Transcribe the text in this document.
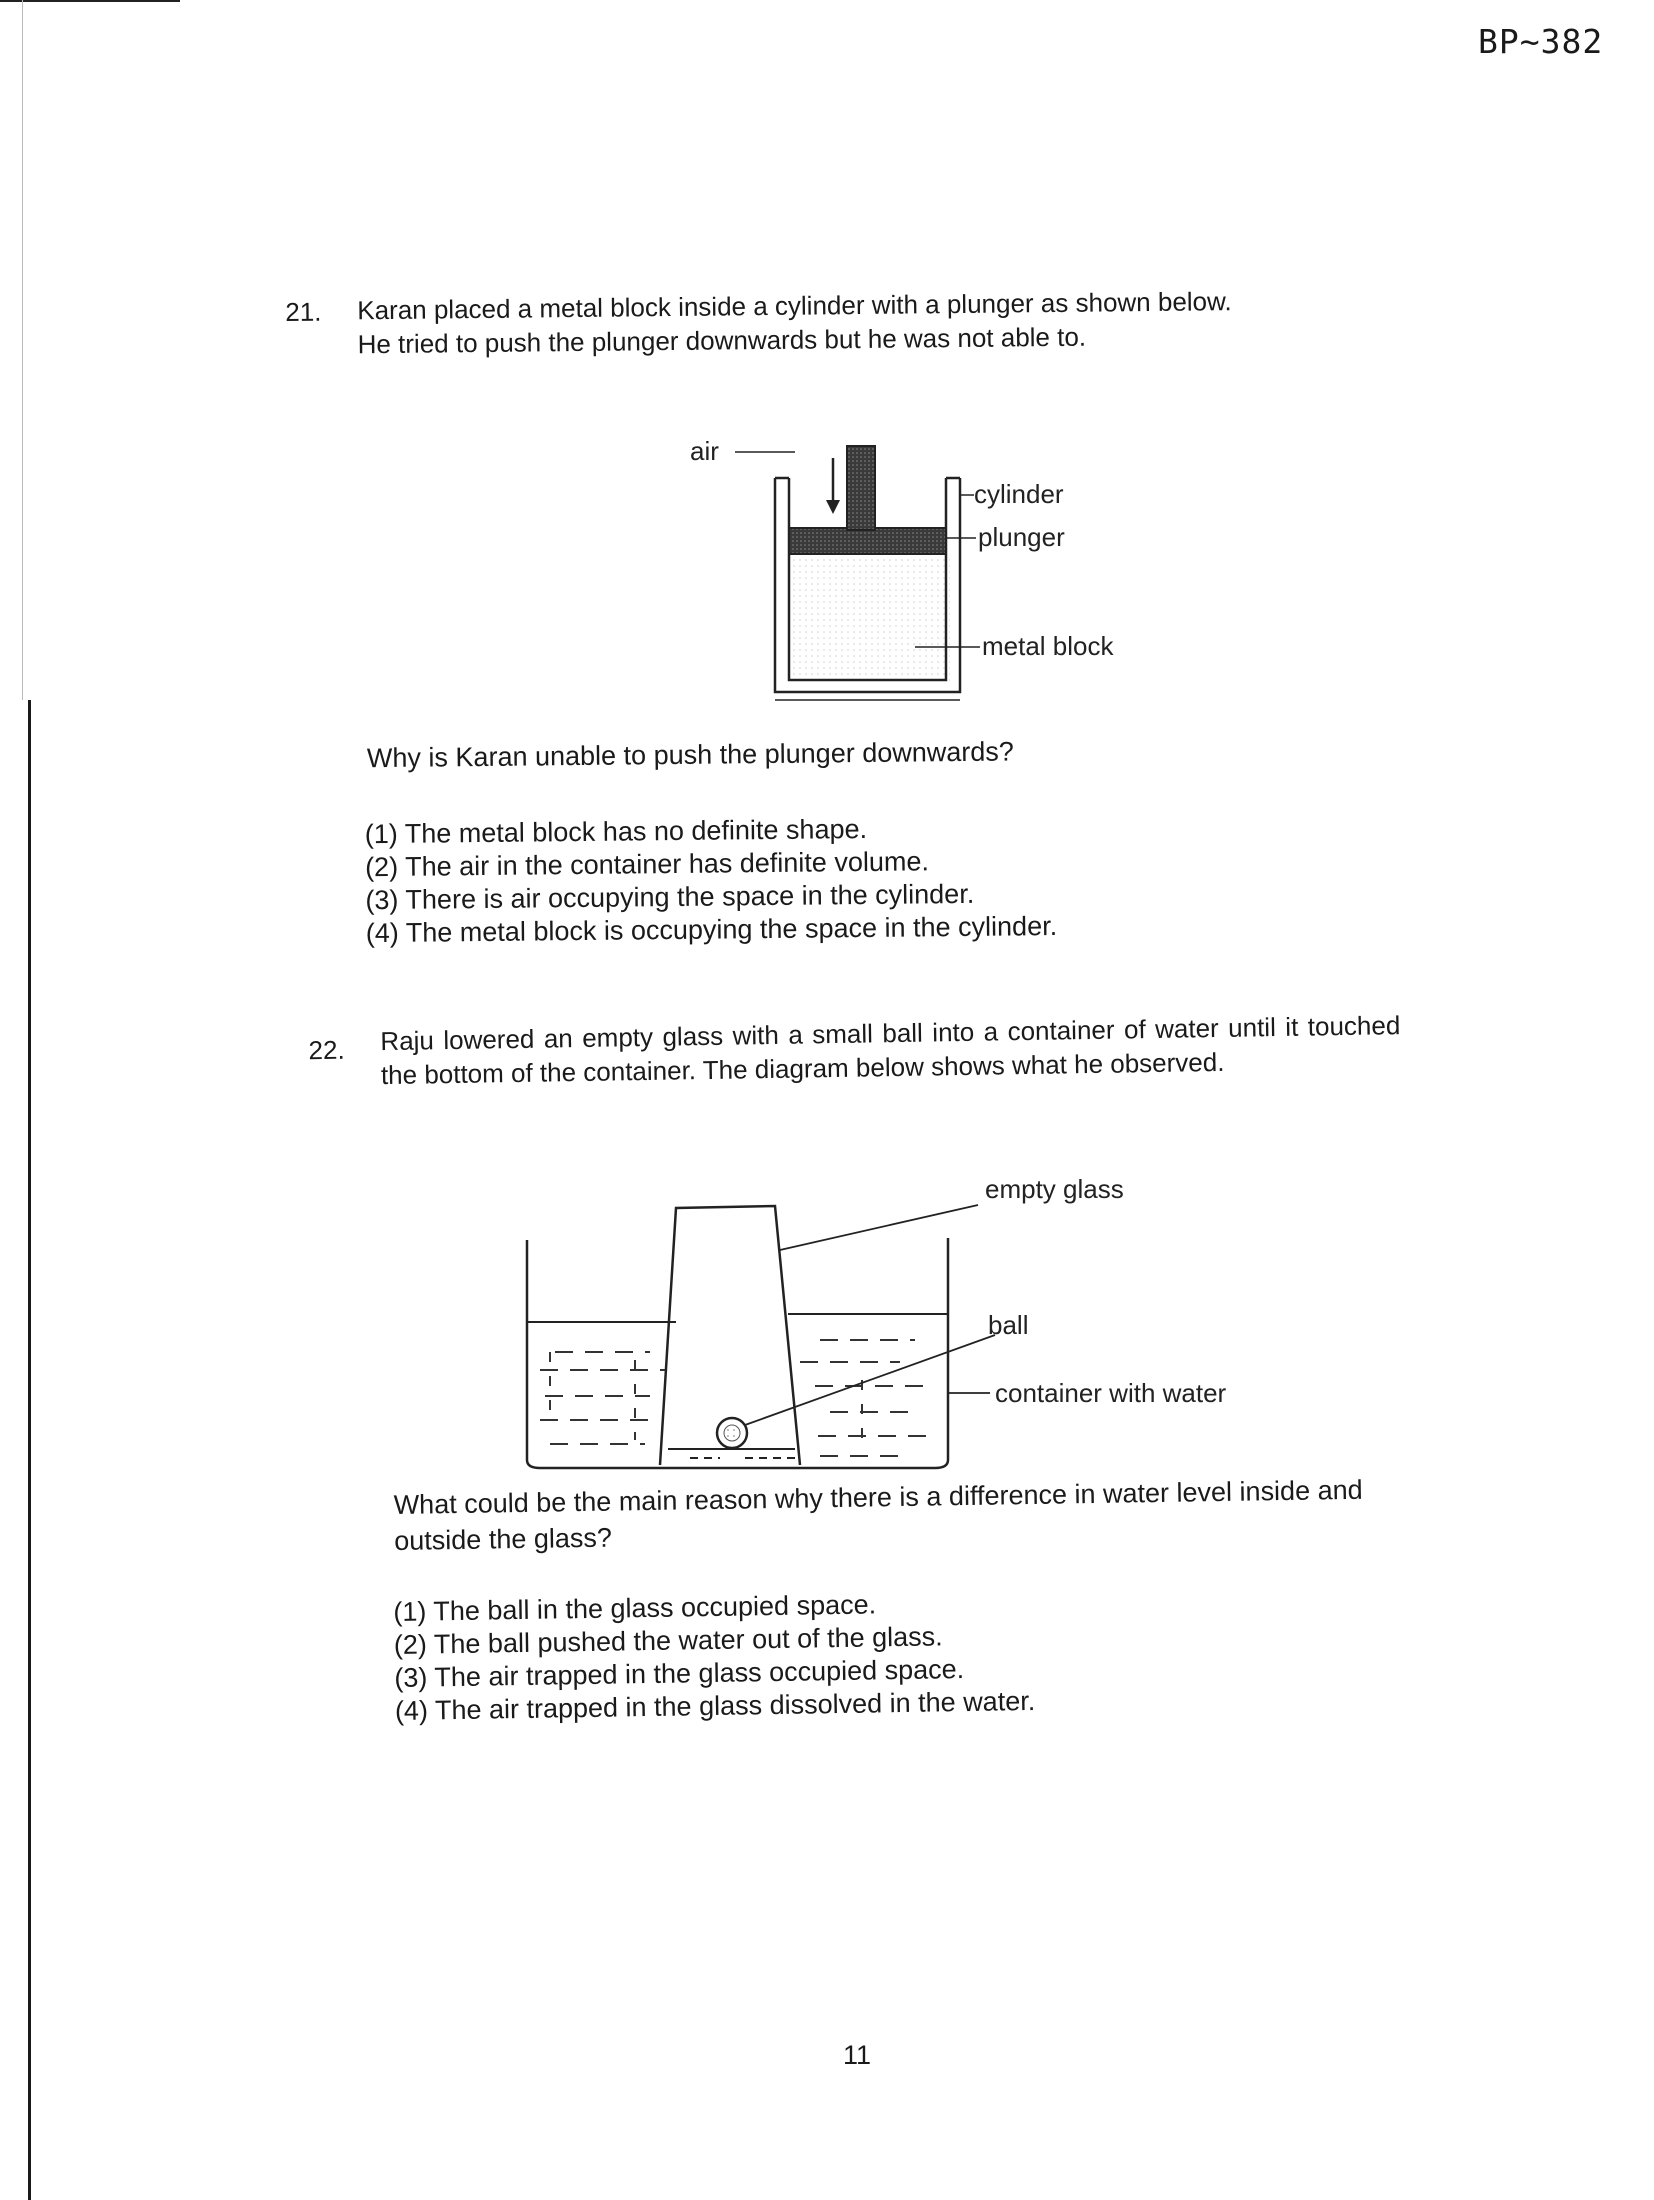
BP~382
21. Karan placed a metal block inside a cylinder with a plunger as shown below.
He tried to push the plunger downwards but he was not able to.
air
cylinder
plunger
metal block
Why is Karan unable to push the plunger downwards?
(1) The metal block has no definite shape.
(2) The air in the container has definite volume.
(3) There is air occupying the space in the cylinder.
(4) The metal block is occupying the space in the cylinder.
22. Raju lowered an empty glass with a small ball into a container of water until it touched the bottom of the container. The diagram below shows what he observed.
empty glass
ball
container with water
What could be the main reason why there is a difference in water level inside and outside the glass?
(1) The ball in the glass occupied space.
(2) The ball pushed the water out of the glass.
(3) The air trapped in the glass occupied space.
(4) The air trapped in the glass dissolved in the water.
11
